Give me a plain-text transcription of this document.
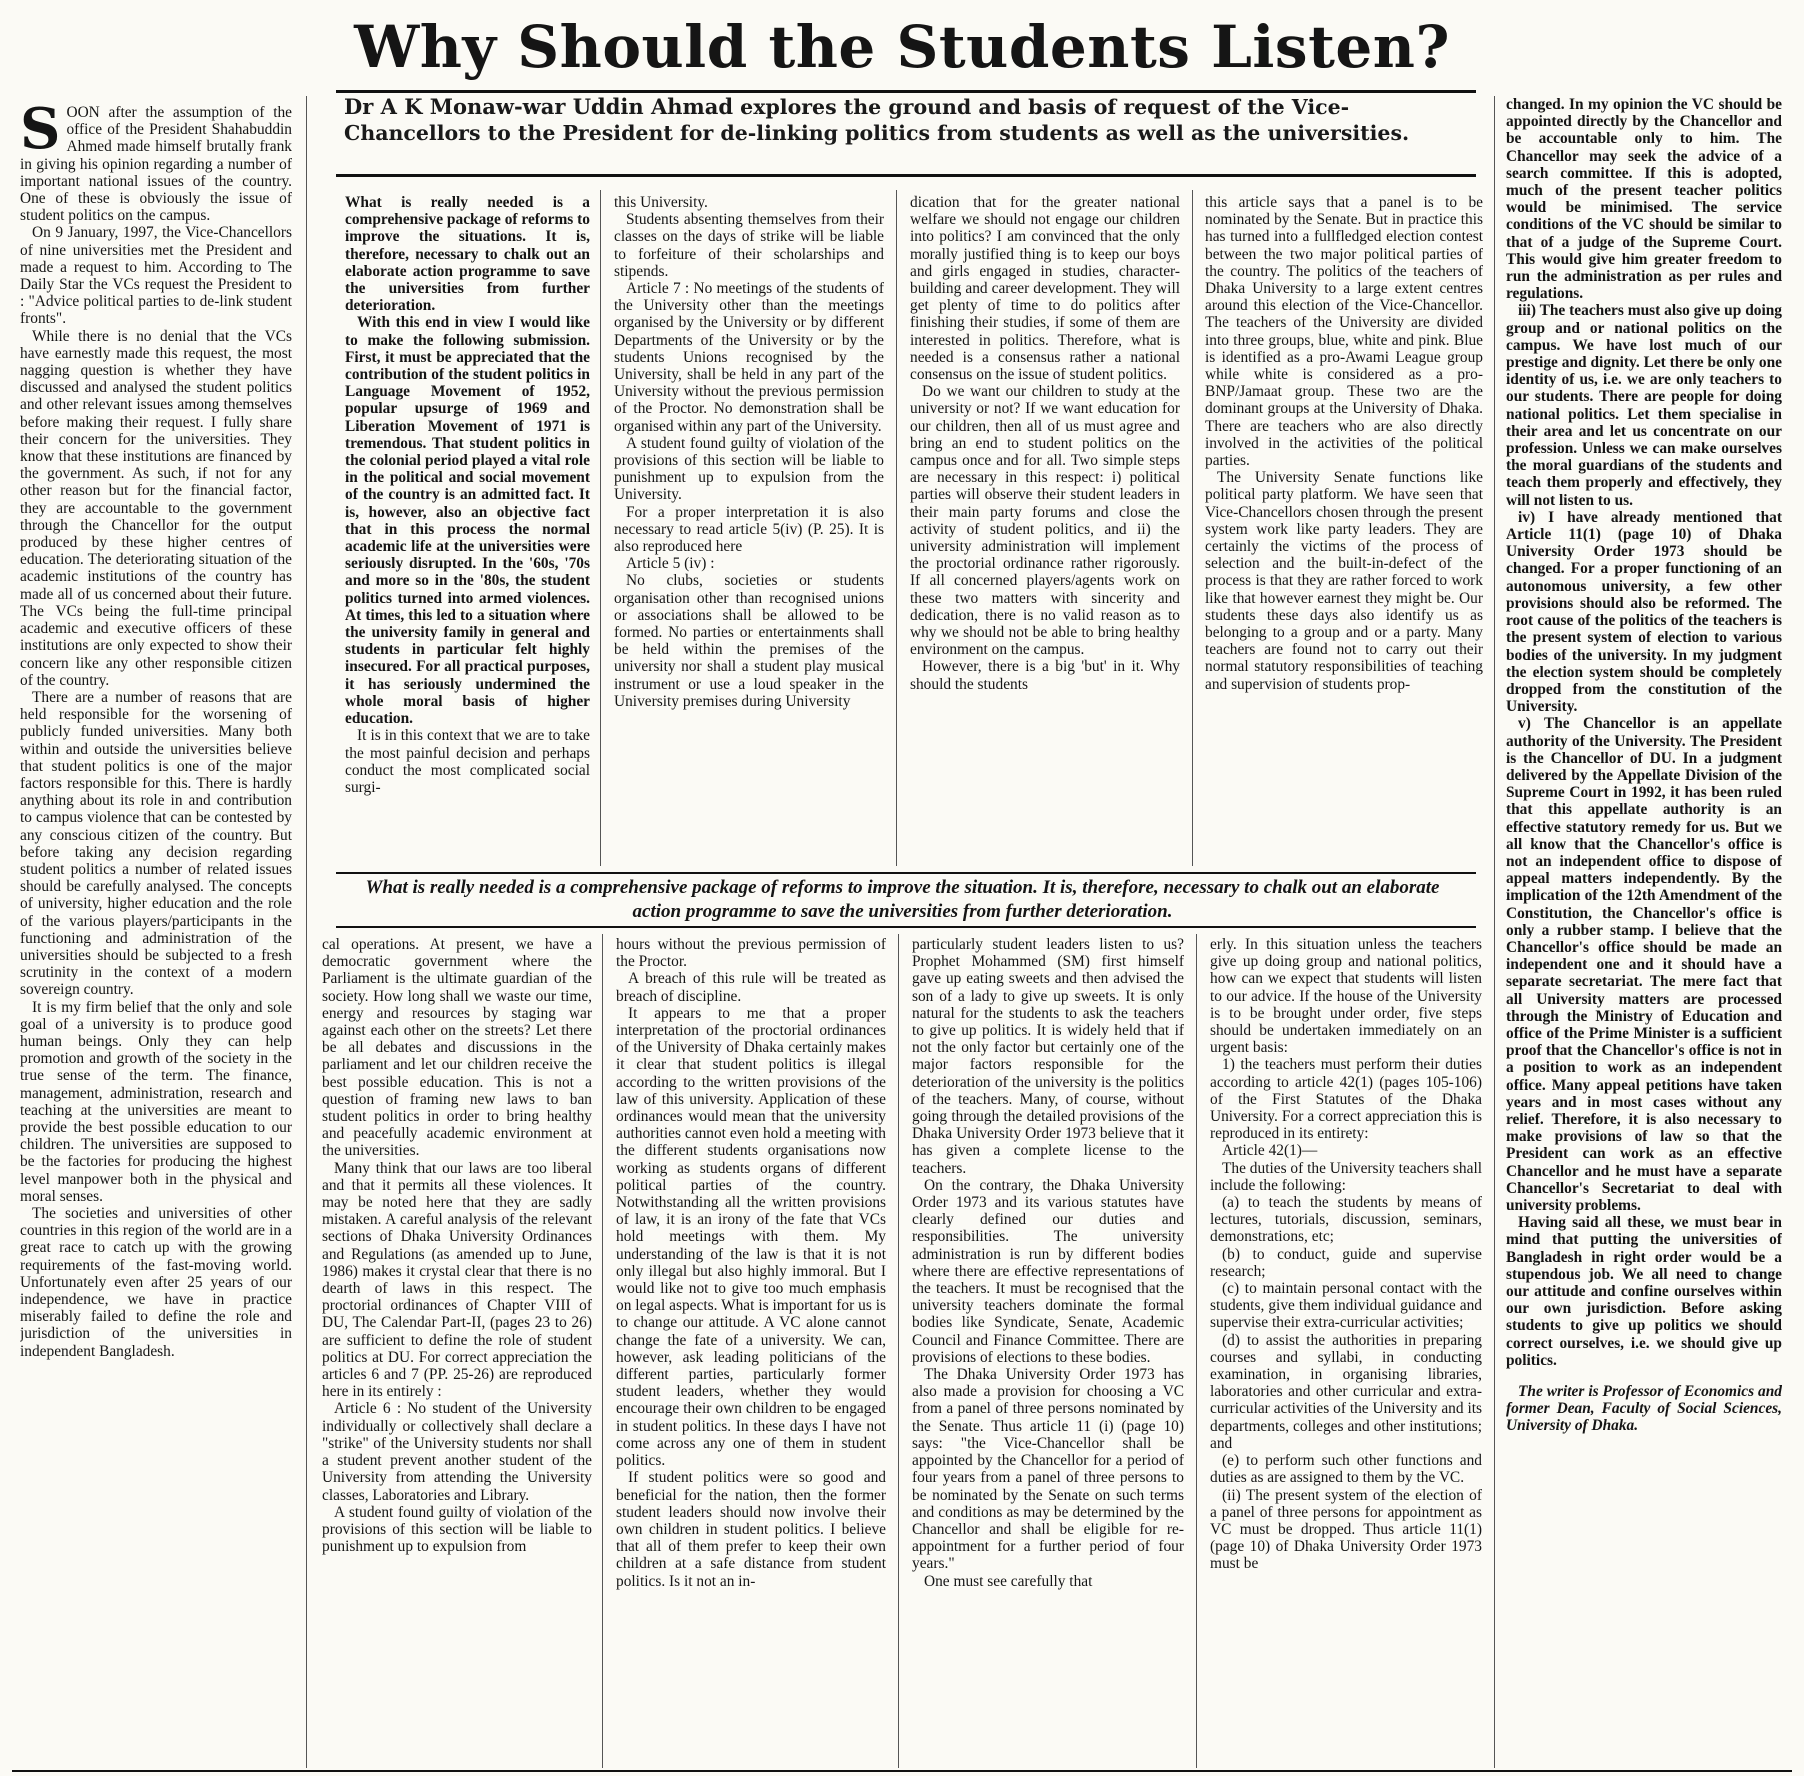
Why Should the Students Listen?

SOON after the assumption of the office of the President Shahabuddin Ahmed made himself brutally frank in giving his opinion regarding a number of important national issues of the country. One of these is obviously the issue of student politics on the campus.

On 9 January, 1997, the Vice-Chancellors of nine universities met the President and made a request to him. According to The Daily Star the VCs request the President to : "Advice political parties to de-link student fronts".

While there is no denial that the VCs have earnestly made this request, the most nagging question is whether they have discussed and analysed the student politics and other relevant issues among themselves before making their request. I fully share their concern for the universities. They know that these institutions are financed by the government. As such, if not for any other reason but for the financial factor, they are accountable to the government through the Chancellor for the output produced by these higher centres of education. The deteriorating situation of the academic institutions of the country has made all of us concerned about their future. The VCs being the full-time principal academic and executive officers of these institutions are only expected to show their concern like any other responsible citizen of the country.

There are a number of reasons that are held responsible for the worsening of publicly funded universities. Many both within and outside the universities believe that student politics is one of the major factors responsible for this. There is hardly anything about its role in and contribution to campus violence that can be contested by any conscious citizen of the country. But before taking any decision regarding student politics a number of related issues should be carefully analysed. The concepts of university, higher education and the role of the various players/participants in the functioning and administration of the universities should be subjected to a fresh scrutinity in the context of a modern sovereign country.

It is my firm belief that the only and sole goal of a university is to produce good human beings. Only they can help promotion and growth of the society in the true sense of the term. The finance, management, administration, research and teaching at the universities are meant to provide the best possible education to our children. The universities are supposed to be the factories for producing the highest level manpower both in the physical and moral senses.

The societies and universities of other countries in this region of the world are in a great race to catch up with the growing requirements of the fast-moving world. Unfortunately even after 25 years of our independence, we have in practice miserably failed to define the role and jurisdiction of the universities in independent Bangladesh.

Dr A K Monaw-war Uddin Ahmad explores the ground and basis of request of the Vice-Chancellors to the President for de-linking politics from students as well as the universities.

What is really needed is a comprehensive package of reforms to improve the situations. It is, therefore, necessary to chalk out an elaborate action programme to save the universities from further deterioration.

With this end in view I would like to make the following submission. First, it must be appreciated that the contribution of the student politics in Language Movement of 1952, popular upsurge of 1969 and Liberation Movement of 1971 is tremendous. That student politics in the colonial period played a vital role in the political and social movement of the country is an admitted fact. It is, however, also an objective fact that in this process the normal academic life at the universities were seriously disrupted. In the '60s, '70s and more so in the '80s, the student politics turned into armed violences. At times, this led to a situation where the university family in general and students in particular felt highly insecured. For all practical purposes, it has seriously undermined the whole moral basis of higher education.

It is in this context that we are to take the most painful decision and perhaps conduct the most complicated social surgi-

this University.

Students absenting themselves from their classes on the days of strike will be liable to forfeiture of their scholarships and stipends.

Article 7 : No meetings of the students of the University other than the meetings organised by the University or by different Departments of the University or by the students Unions recognised by the University, shall be held in any part of the University without the previous permission of the Proctor. No demonstration shall be organised within any part of the University.

A student found guilty of violation of the provisions of this section will be liable to punishment up to expulsion from the University.

For a proper interpretation it is also necessary to read article 5(iv) (P. 25). It is also reproduced here

Article 5 (iv) :

No clubs, societies or students organisation other than recognised unions or associations shall be allowed to be formed. No parties or entertainments shall be held within the premises of the university nor shall a student play musical instrument or use a loud speaker in the University premises during University

dication that for the greater national welfare we should not engage our children into politics? I am convinced that the only morally justified thing is to keep our boys and girls engaged in studies, character-building and career development. They will get plenty of time to do politics after finishing their studies, if some of them are interested in politics. Therefore, what is needed is a consensus rather a national consensus on the issue of student politics.

Do we want our children to study at the university or not? If we want education for our children, then all of us must agree and bring an end to student politics on the campus once and for all. Two simple steps are necessary in this respect: i) political parties will observe their student leaders in their main party forums and close the activity of student politics, and ii) the university administration will implement the proctorial ordinance rather rigorously. If all concerned players/agents work on these two matters with sincerity and dedication, there is no valid reason as to why we should not be able to bring healthy environment on the campus.

However, there is a big 'but' in it. Why should the students

this article says that a panel is to be nominated by the Senate. But in practice this has turned into a fullfledged election contest between the two major political parties of the country. The politics of the teachers of Dhaka University to a large extent centres around this election of the Vice-Chancellor. The teachers of the University are divided into three groups, blue, white and pink. Blue is identified as a pro-Awami League group while white is considered as a pro-BNP/Jamaat group. These two are the dominant groups at the University of Dhaka. There are teachers who are also directly involved in the activities of the political parties.

The University Senate functions like political party platform. We have seen that Vice-Chancellors chosen through the present system work like party leaders. They are certainly the victims of the process of selection and the built-in-defect of the process is that they are rather forced to work like that however earnest they might be. Our students these days also identify us as belonging to a group and or a party. Many teachers are found not to carry out their normal statutory responsibilities of teaching and supervision of students prop-

What is really needed is a comprehensive package of reforms to improve the situation. It is, therefore, necessary to chalk out an elaborate action programme to save the universities from further deterioration.

cal operations. At present, we have a democratic government where the Parliament is the ultimate guardian of the society. How long shall we waste our time, energy and resources by staging war against each other on the streets? Let there be all debates and discussions in the parliament and let our children receive the best possible education. This is not a question of framing new laws to ban student politics in order to bring healthy and peacefully academic environment at the universities.

Many think that our laws are too liberal and that it permits all these violences. It may be noted here that they are sadly mistaken. A careful analysis of the relevant sections of Dhaka University Ordinances and Regulations (as amended up to June, 1986) makes it crystal clear that there is no dearth of laws in this respect. The proctorial ordinances of Chapter VIII of DU, The Calendar Part-II, (pages 23 to 26) are sufficient to define the role of student politics at DU. For correct appreciation the articles 6 and 7 (PP. 25-26) are reproduced here in its entirely :

Article 6 : No student of the University individually or collectively shall declare a "strike" of the University students nor shall a student prevent another student of the University from attending the University classes, Laboratories and Library.

A student found guilty of violation of the provisions of this section will be liable to punishment up to expulsion from

hours without the previous permission of the Proctor.

A breach of this rule will be treated as breach of discipline.

It appears to me that a proper interpretation of the proctorial ordinances of the University of Dhaka certainly makes it clear that student politics is illegal according to the written provisions of the law of this university. Application of these ordinances would mean that the university authorities cannot even hold a meeting with the different students organisations now working as students organs of different political parties of the country. Notwithstanding all the written provisions of law, it is an irony of the fate that VCs hold meetings with them. My understanding of the law is that it is not only illegal but also highly immoral. But I would like not to give too much emphasis on legal aspects. What is important for us is to change our attitude. A VC alone cannot change the fate of a university. We can, however, ask leading politicians of the different parties, particularly former student leaders, whether they would encourage their own children to be engaged in student politics. In these days I have not come across any one of them in student politics.

If student politics were so good and beneficial for the nation, then the former student leaders should now involve their own children in student politics. I believe that all of them prefer to keep their own children at a safe distance from student politics. Is it not an in-

particularly student leaders listen to us? Prophet Mohammed (SM) first himself gave up eating sweets and then advised the son of a lady to give up sweets. It is only natural for the students to ask the teachers to give up politics. It is widely held that if not the only factor but certainly one of the major factors responsible for the deterioration of the university is the politics of the teachers. Many, of course, without going through the detailed provisions of the Dhaka University Order 1973 believe that it has given a complete license to the teachers.

On the contrary, the Dhaka University Order 1973 and its various statutes have clearly defined our duties and responsibilities. The university administration is run by different bodies where there are effective representations of the teachers. It must be recognised that the university teachers dominate the formal bodies like Syndicate, Senate, Academic Council and Finance Committee. There are provisions of elections to these bodies.

The Dhaka University Order 1973 has also made a provision for choosing a VC from a panel of three persons nominated by the Senate. Thus article 11 (i) (page 10) says: "the Vice-Chancellor shall be appointed by the Chancellor for a period of four years from a panel of three persons to be nominated by the Senate on such terms and conditions as may be determined by the Chancellor and shall be eligible for re-appointment for a further period of four years."

One must see carefully that

erly. In this situation unless the teachers give up doing group and national politics, how can we expect that students will listen to our advice. If the house of the University is to be brought under order, five steps should be undertaken immediately on an urgent basis:

1) the teachers must perform their duties according to article 42(1) (pages 105-106) of the First Statutes of the Dhaka University. For a correct appreciation this is reproduced in its entirety:

Article 42(1)—

The duties of the University teachers shall include the following:

(a) to teach the students by means of lectures, tutorials, discussion, seminars, demonstrations, etc;

(b) to conduct, guide and supervise research;

(c) to maintain personal contact with the students, give them individual guidance and supervise their extra-curricular activities;

(d) to assist the authorities in preparing courses and syllabi, in conducting examination, in organising libraries, laboratories and other curricular and extra-curricular activities of the University and its departments, colleges and other institutions; and

(e) to perform such other functions and duties as are assigned to them by the VC.

(ii) The present system of the election of a panel of three persons for appointment as VC must be dropped. Thus article 11(1) (page 10) of Dhaka University Order 1973 must be

changed. In my opinion the VC should be appointed directly by the Chancellor and be accountable only to him. The Chancellor may seek the advice of a search committee. If this is adopted, much of the present teacher politics would be minimised. The service conditions of the VC should be similar to that of a judge of the Supreme Court. This would give him greater freedom to run the administration as per rules and regulations.

iii) The teachers must also give up doing group and or national politics on the campus. We have lost much of our prestige and dignity. Let there be only one identity of us, i.e. we are only teachers to our students. There are people for doing national politics. Let them specialise in their area and let us concentrate on our profession. Unless we can make ourselves the moral guardians of the students and teach them properly and effectively, they will not listen to us.

iv) I have already mentioned that Article 11(1) (page 10) of Dhaka University Order 1973 should be changed. For a proper functioning of an autonomous university, a few other provisions should also be reformed. The root cause of the politics of the teachers is the present system of election to various bodies of the university. In my judgment the election system should be completely dropped from the constitution of the University.

v) The Chancellor is an appellate authority of the University. The President is the Chancellor of DU. In a judgment delivered by the Appellate Division of the Supreme Court in 1992, it has been ruled that this appellate authority is an effective statutory remedy for us. But we all know that the Chancellor's office is not an independent office to dispose of appeal matters independently. By the implication of the 12th Amendment of the Constitution, the Chancellor's office is only a rubber stamp. I believe that the Chancellor's office should be made an independent one and it should have a separate secretariat. The mere fact that all University matters are processed through the Ministry of Education and office of the Prime Minister is a sufficient proof that the Chancellor's office is not in a position to work as an independent office. Many appeal petitions have taken years and in most cases without any relief. Therefore, it is also necessary to make provisions of law so that the President can work as an effective Chancellor and he must have a separate Chancellor's Secretariat to deal with university problems.

Having said all these, we must bear in mind that putting the universities of Bangladesh in right order would be a stupendous job. We all need to change our attitude and confine ourselves within our own jurisdiction. Before asking students to give up politics we should correct ourselves, i.e. we should give up politics.

The writer is Professor of Economics and former Dean, Faculty of Social Sciences, University of Dhaka.
